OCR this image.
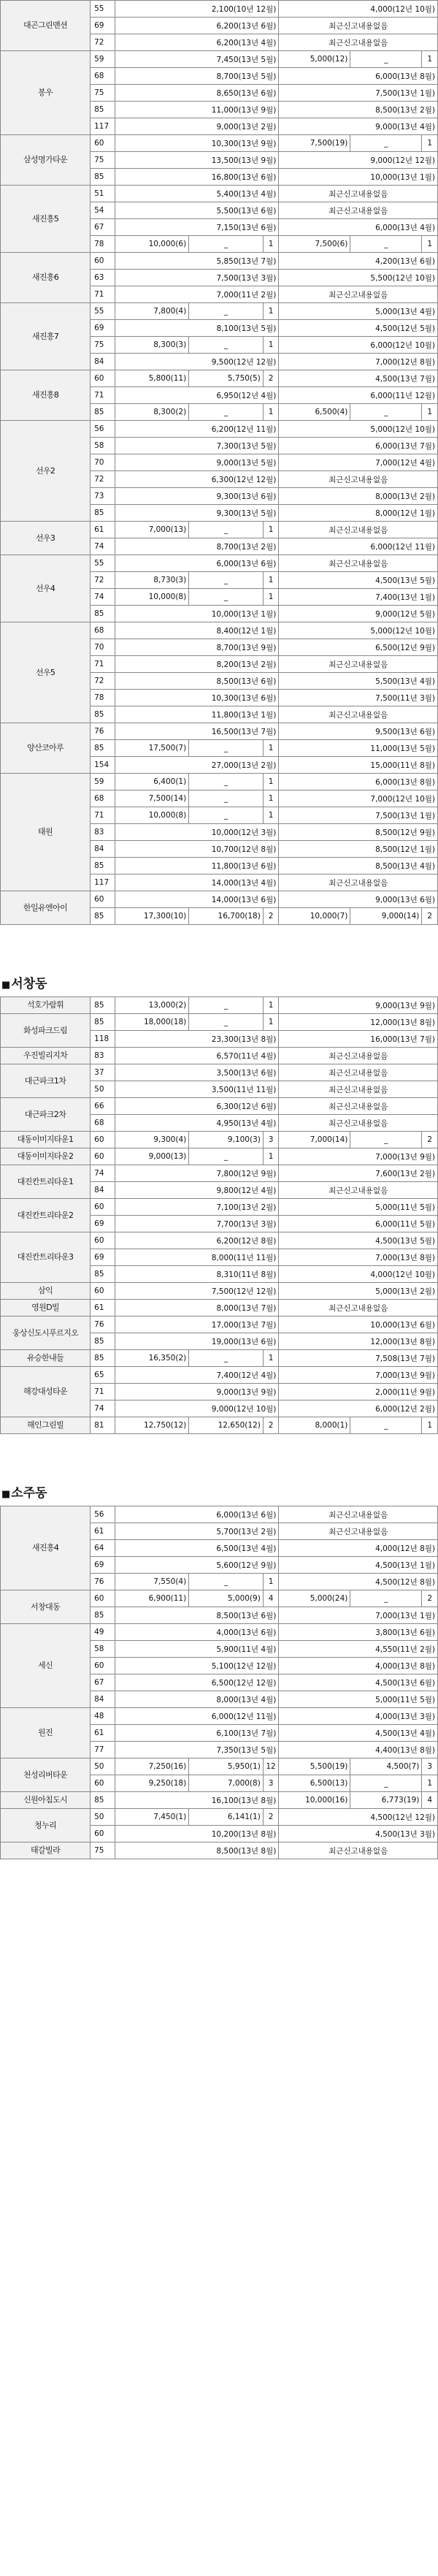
대곤그린맨션	55	2,100(10년 12월)			4,000(12년 10월)		
	69	6,200(13년 6월)			최근신고내용없음		
	72	6,200(13년 4월)			최근신고내용없음		
봉우	59	7,450(13년 5월)			5,000(12)	_	1
	68	8,700(13년 5월)			6,000(13년 8월)		
	75	8,650(13년 6월)			7,500(13년 1월)		
	85	11,000(13년 9월)			8,500(13년 2월)		
	117	9,000(13년 2월)			9,000(13년 4월)		
삼성명가타운	60	10,300(13년 9월)			7,500(19)	_	1
	75	13,500(13년 9월)			9,000(12년 12월)		
	85	16,800(13년 6월)			10,000(13년 1월)		
새진흥5	51	5,400(13년 4월)			최근신고내용없음		
	54	5,500(13년 6월)			최근신고내용없음		
	67	7,150(13년 6월)			6,000(13년 4월)		
	78	10,000(6)	_	1	7,500(6)	_	1
새진흥6	60	5,850(13년 7월)			4,200(13년 6월)		
	63	7,500(13년 3월)			5,500(12년 10월)		
	71	7,000(11년 2월)			최근신고내용없음		
새진흥7	55	7,800(4)	_	1	5,000(13년 4월)		
	69	8,100(13년 5월)			4,500(12년 5월)		
	75	8,300(3)	_	1	6,000(12년 10월)		
	84	9,500(12년 12월)			7,000(12년 8월)		
새진흥8	60	5,800(11)	5,750(5)	2	4,500(13년 7월)		
	71	6,950(12년 4월)			6,000(11년 12월)		
	85	8,300(2)	_	1	6,500(4)	_	1
선우2	56	6,200(12년 11월)			5,000(12년 10월)		
	58	7,300(13년 5월)			6,000(13년 7월)		
	70	9,000(13년 5월)			7,000(12년 4월)		
	72	6,300(12년 12월)			최근신고내용없음		
	73	9,300(13년 6월)			8,000(13년 2월)		
	85	9,300(13년 5월)			8,000(12년 1월)		
선우3	61	7,000(13)	_	1	최근신고내용없음		
	74	8,700(13년 2월)			6,000(12년 11월)		
선우4	55	6,000(13년 6월)			최근신고내용없음		
	72	8,730(3)	_	1	4,500(13년 5월)		
	74	10,000(8)	_	1	7,400(13년 1월)		
	85	10,000(13년 1월)			9,000(12년 5월)		
선우5	68	8,400(12년 1월)			5,000(12년 10월)		
	70	8,700(13년 9월)			6,500(12년 9월)		
	71	8,200(13년 2월)			최근신고내용없음		
	72	8,500(13년 6월)			5,500(13년 4월)		
	78	10,300(13년 6월)			7,500(11년 3월)		
	85	11,800(13년 1월)			최근신고내용없음		
양산코아루	76	16,500(13년 7월)			9,500(13년 6월)		
	85	17,500(7)	_	1	11,000(13년 5월)		
	154	27,000(13년 2월)			15,000(11년 8월)		
태원	59	6,400(1)	_	1	6,000(13년 8월)		
	68	7,500(14)	_	1	7,000(12년 10월)		
	71	10,000(8)	_	1	7,500(13년 1월)		
	83	10,000(12년 3월)			8,500(12년 9월)		
	84	10,700(12년 8월)			8,500(12년 1월)		
	85	11,800(13년 6월)			8,500(13년 4월)		
	117	14,000(13년 4월)			최근신고내용없음		
한일유엔아이	60	14,000(13년 6월)			9,000(13년 6월)		
	85	17,300(10)	16,700(18)	2	10,000(7)	9,000(14)	2
■서창동
석호가람휘	85	13,000(2)	_	1	9,000(13년 9월)		
화성파크드림	85	18,000(18)	_	1	12,000(13년 8월)		
	118	23,300(13년 8월)			16,000(13년 7월)		
우진빌리지차	83	6,570(11년 4월)			최근신고내용없음		
대근파크1차	37	3,500(13년 6월)			최근신고내용없음		
	50	3,500(11년 11월)			최근신고내용없음		
대근파크2차	66	6,300(12년 6월)			최근신고내용없음		
	68	4,950(13년 4월)			최근신고내용없음		
대동이미지타운1	60	9,300(4)	9,100(3)	3	7,000(14)	_	2
대동이미지타운2	60	9,000(13)	_	1	7,000(13년 9월)		
대진칸트리타운1	74	7,800(12년 9월)			7,600(13년 2월)		
	84	9,800(12년 4월)			최근신고내용없음		
대진칸트리타운2	60	7,100(13년 2월)			5,000(11년 5월)		
	69	7,700(13년 3월)			6,000(11년 5월)		
대진칸트리타운3	60	6,200(12년 8월)			4,500(13년 5월)		
	69	8,000(11년 11월)			7,000(13년 8월)		
	85	8,310(11년 8월)			4,000(12년 10월)		
삼익	60	7,500(12년 12월)			5,000(13년 2월)		
영원D빌	61	8,000(13년 7월)			최근신고내용없음		
웅상신도시푸르지오	76	17,000(13년 7월)			10,000(13년 6월)		
	85	19,000(13년 6월)			12,000(13년 8월)		
유승한내들	85	16,350(2)	_	1	7,508(13년 7월)		
해강대성타운	65	7,400(12년 4월)			7,000(13년 9월)		
	71	9,000(13년 9월)			2,000(11년 9월)		
	74	9,000(12년 10월)			6,000(12년 2월)		
해인그린빌	81	12,750(12)	12,650(12)	2	8,000(1)	_	1
■소주동
새진흥4	56	6,000(13년 6월)			최근신고내용없음		
	61	5,700(13년 2월)			최근신고내용없음		
	64	6,500(13년 4월)			4,000(12년 8월)		
	69	5,600(12년 9월)			4,500(13년 1월)		
	76	7,550(4)	_	1	4,500(12년 8월)		
서창대동	60	6,900(11)	5,000(9)	4	5,000(24)	_	2
	85	8,500(13년 6월)			7,000(13년 1월)		
세신	49	4,000(13년 6월)			3,800(13년 6월)		
	58	5,900(11년 4월)			4,550(11년 2월)		
	60	5,100(12년 12월)			4,000(13년 8월)		
	67	6,500(12년 12월)			4,500(13년 6월)		
	84	8,000(13년 4월)			5,000(11년 5월)		
원진	48	6,000(12년 11월)			4,000(13년 3월)		
	61	6,100(13년 7월)			4,500(13년 4월)		
	77	7,350(13년 5월)			4,400(13년 8월)		
천성리버타운	50	7,250(16)	5,950(1)	12	5,500(19)	4,500(7)	3
	60	9,250(18)	7,000(8)	3	6,500(13)	_	1
신원아침도시	85	16,100(13년 8월)			10,000(16)	6,773(19)	4
청누리	50	7,450(1)	6,141(1)	2	4,500(12년 12월)		
	60	10,200(13년 8월)			4,500(13년 3월)		
태갈빌라	75	8,500(13년 8월)			최근신고내용없음		
